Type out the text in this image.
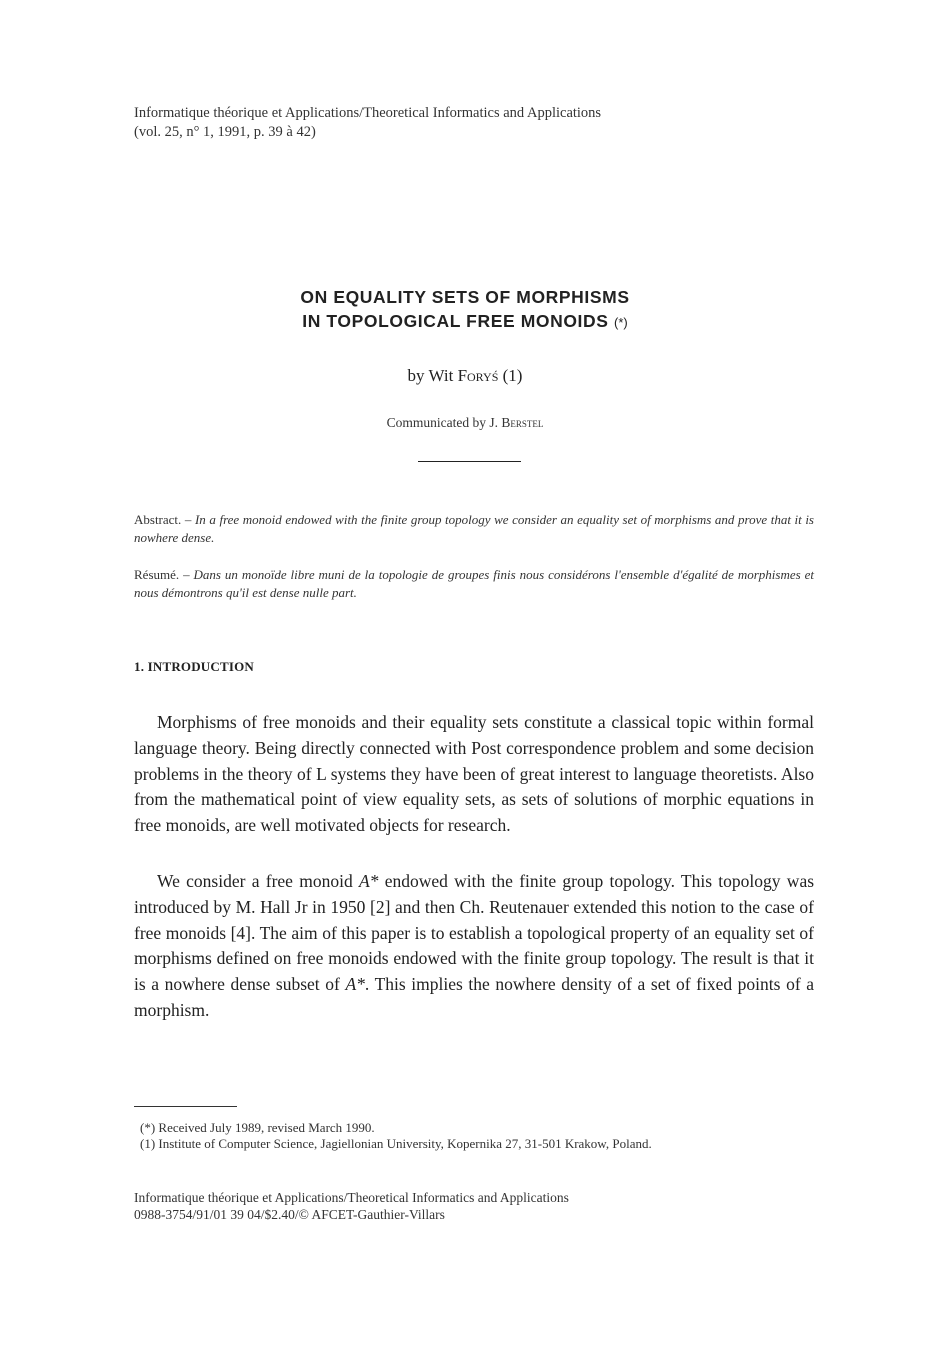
Informatique théorique et Applications/Theoretical Informatics and Applications
(vol. 25, n° 1, 1991, p. 39 à 42)
ON EQUALITY SETS OF MORPHISMS
IN TOPOLOGICAL FREE MONOIDS (*)
by Wit Foryś (1)
Communicated by J. Berstel
Abstract. – In a free monoid endowed with the finite group topology we consider an equality set of morphisms and prove that it is nowhere dense.
Résumé. – Dans un monoïde libre muni de la topologie de groupes finis nous considérons l'ensemble d'égalité de morphismes et nous démontrons qu'il est dense nulle part.
1. INTRODUCTION

Morphisms of free monoids and their equality sets constitute a classical topic within formal language theory. Being directly connected with Post correspondence problem and some decision problems in the theory of L systems they have been of great interest to language theoretists. Also from the mathematical point of view equality sets, as sets of solutions of morphic equations in free monoids, are well motivated objects for research.

We consider a free monoid A* endowed with the finite group topology. This topology was introduced by M. Hall Jr in 1950 [2] and then Ch. Reutenauer extended this notion to the case of free monoids [4]. The aim of this paper is to establish a topological property of an equality set of morphisms defined on free monoids endowed with the finite group topology. The result is that it is a nowhere dense subset of A*. This implies the nowhere density of a set of fixed points of a morphism.

(*) Received July 1989, revised March 1990.
(1) Institute of Computer Science, Jagiellonian University, Kopernika 27, 31-501 Krakow, Poland.
Informatique théorique et Applications/Theoretical Informatics and Applications
0988-3754/91/01 39 04/$2.40/© AFCET-Gauthier-Villars
